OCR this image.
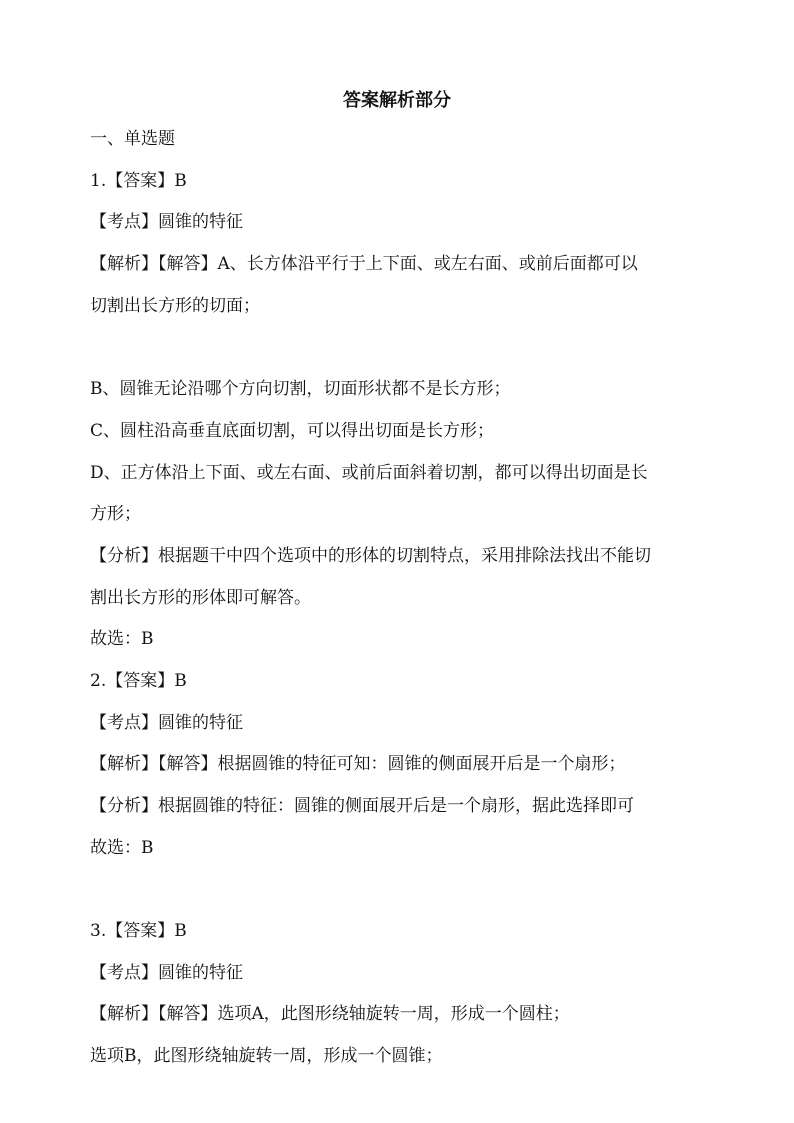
答案解析部分
一、单选题
1.【答案】B
【考点】圆锥的特征
【解析】【解答】A、长方体沿平行于上下面、或左右面、或前后面都可以
切割出长方形的切面；
B、圆锥无论沿哪个方向切割，切面形状都不是长方形；
C、圆柱沿高垂直底面切割，可以得出切面是长方形；
D、正方体沿上下面、或左右面、或前后面斜着切割，都可以得出切面是长
方形；
【分析】根据题干中四个选项中的形体的切割特点，采用排除法找出不能切
割出长方形的形体即可解答。
故选：B
2.【答案】B
【考点】圆锥的特征
【解析】【解答】根据圆锥的特征可知：圆锥的侧面展开后是一个扇形；
【分析】根据圆锥的特征：圆锥的侧面展开后是一个扇形，据此选择即可
故选：B
3.【答案】B
【考点】圆锥的特征
【解析】【解答】选项A，此图形绕轴旋转一周，形成一个圆柱；
选项B，此图形绕轴旋转一周，形成一个圆锥；
